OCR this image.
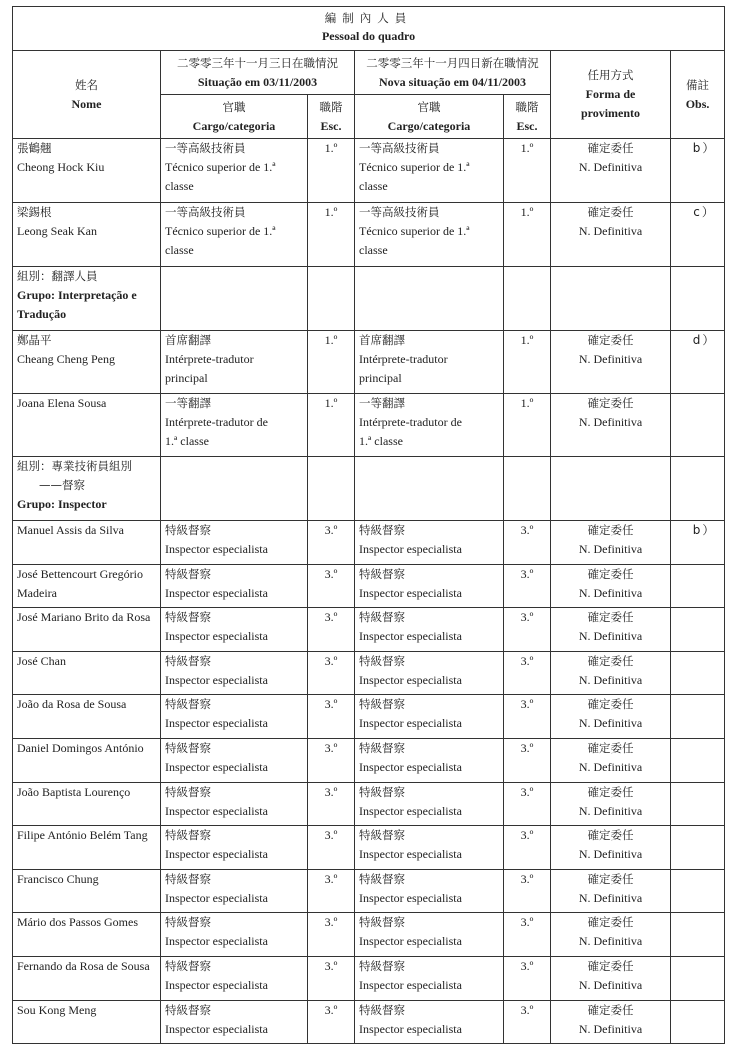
編制內人員
Pessoal do quadro						

姓名
Nome	二零零三年十一月三日在職情況
Situação em 03/11/2003		二零零三年十一月四日新在職情況
Nova situação em 04/11/2003		任用方式
Forma de
provimento	備註
Obs.

	官職
Cargo/categoria	職階
Esc.	官職
Cargo/categoria	職階
Esc.		

張鶴翹
Cheong Hock Kiu	一等高級技術員
Técnico superior de 1.ª
classe	1.º	一等高級技術員
Técnico superior de 1.ª
classe	1.º	確定委任
N. Definitiva	b）

梁錫根
Leong Seak Kan	一等高級技術員
Técnico superior de 1.ª
classe	1.º	一等高級技術員
Técnico superior de 1.ª
classe	1.º	確定委任
N. Definitiva	c）

組別：翻譯人員
Grupo: Interpretação e
Tradução						

鄭晶平
Cheang Cheng Peng	首席翻譯
Intérprete-tradutor
principal	1.º	首席翻譯
Intérprete-tradutor
principal	1.º	確定委任
N. Definitiva	d）

Joana Elena Sousa	一等翻譯
Intérprete-tradutor de
1.ª classe	1.º	一等翻譯
Intérprete-tradutor de
1.ª classe	1.º	確定委任
N. Definitiva	

組別：專業技術員組別
——督察
Grupo: Inspector						

Manuel Assis da Silva	特級督察
Inspector especialista	3.º	特級督察
Inspector especialista	3.º	確定委任
N. Definitiva	b）

José Bettencourt Gregório
Madeira	特級督察
Inspector especialista	3.º	特級督察
Inspector especialista	3.º	確定委任
N. Definitiva	

José Mariano Brito da Rosa	特級督察
Inspector especialista	3.º	特級督察
Inspector especialista	3.º	確定委任
N. Definitiva	

José Chan	特級督察
Inspector especialista	3.º	特級督察
Inspector especialista	3.º	確定委任
N. Definitiva	

João da Rosa de Sousa	特級督察
Inspector especialista	3.º	特級督察
Inspector especialista	3.º	確定委任
N. Definitiva	

Daniel Domingos António	特級督察
Inspector especialista	3.º	特級督察
Inspector especialista	3.º	確定委任
N. Definitiva	

João Baptista Lourenço	特級督察
Inspector especialista	3.º	特級督察
Inspector especialista	3.º	確定委任
N. Definitiva	

Filipe António Belém Tang	特級督察
Inspector especialista	3.º	特級督察
Inspector especialista	3.º	確定委任
N. Definitiva	

Francisco Chung	特級督察
Inspector especialista	3.º	特級督察
Inspector especialista	3.º	確定委任
N. Definitiva	

Mário dos Passos Gomes	特級督察
Inspector especialista	3.º	特級督察
Inspector especialista	3.º	確定委任
N. Definitiva	

Fernando da Rosa de Sousa	特級督察
Inspector especialista	3.º	特級督察
Inspector especialista	3.º	確定委任
N. Definitiva	

Sou Kong Meng	特級督察
Inspector especialista	3.º	特級督察
Inspector especialista	3.º	確定委任
N. Definitiva	
